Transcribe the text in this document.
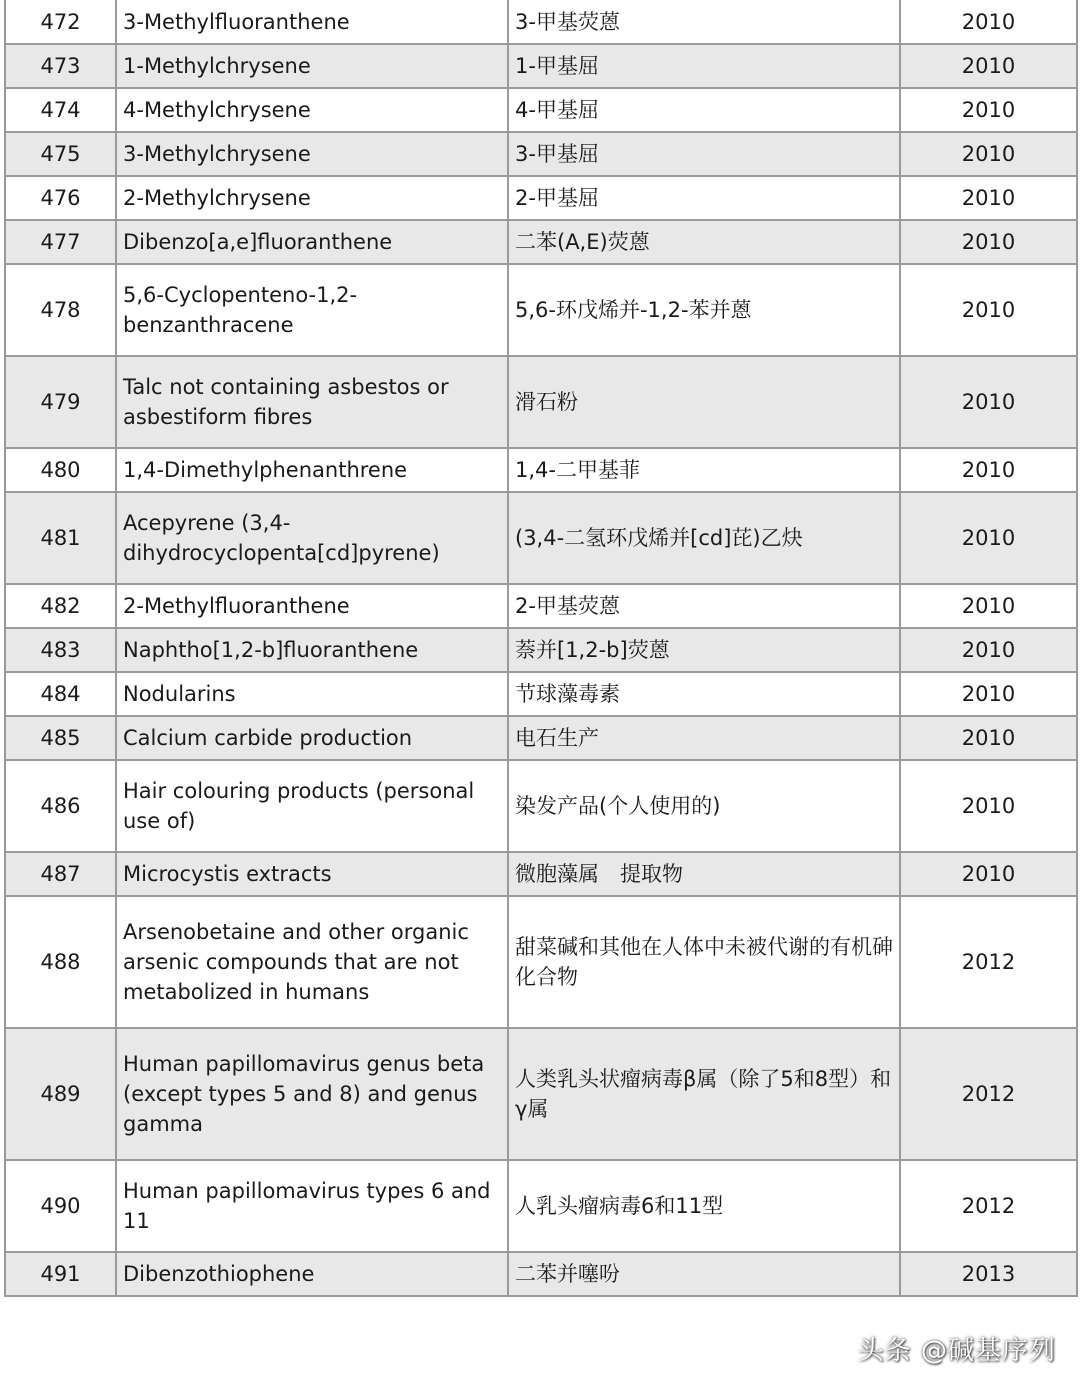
472	3-Methylfluoranthene	3-甲基荧蒽	2010
473	1-Methylchrysene	1-甲基屈	2010
474	4-Methylchrysene	4-甲基屈	2010
475	3-Methylchrysene	3-甲基屈	2010
476	2-Methylchrysene	2-甲基屈	2010
477	Dibenzo[a,e]fluoranthene	二苯(A,E)荧蒽	2010
478	5,6-Cyclopenteno-1,2-benzanthracene	5,6-环戊烯并-1,2-苯并蒽	2010
479	Talc not containing asbestos or asbestiform fibres	滑石粉	2010
480	1,4-Dimethylphenanthrene	1,4-二甲基菲	2010
481	Acepyrene (3,4-dihydrocyclopenta[cd]pyrene)	(3,4-二氢环戊烯并[cd]芘)乙炔	2010
482	2-Methylfluoranthene	2-甲基荧蒽	2010
483	Naphtho[1,2-b]fluoranthene	萘并[1,2-b]荧蒽	2010
484	Nodularins	节球藻毒素	2010
485	Calcium carbide production	电石生产	2010
486	Hair colouring products (personal use of)	染发产品(个人使用的)	2010
487	Microcystis extracts	微胞藻属　提取物	2010
488	Arsenobetaine and other organic arsenic compounds that are not metabolized in humans	甜菜碱和其他在人体中未被代谢的有机砷化合物	2012
489	Human papillomavirus genus beta (except types 5 and 8) and genus gamma	人类乳头状瘤病毒β属（除了5和8型）和γ属	2012
490	Human papillomavirus types 6 and 11	人乳头瘤病毒6和11型	2012
491	Dibenzothiophene	二苯并噻吩	2013
头条 @碱基序列
